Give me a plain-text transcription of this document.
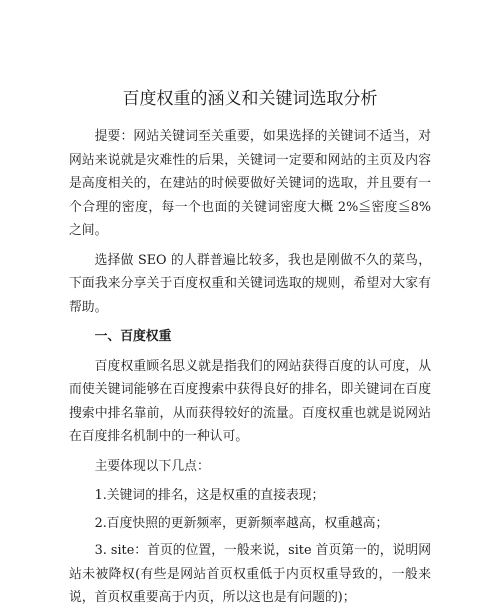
百度权重的涵义和关键词选取分析

提要：网站关键词至关重要，如果选择的关键词不适当，对网站来说就是灾难性的后果，关键词一定要和网站的主页及内容是高度相关的，在建站的时候要做好关键词的选取，并且要有一个合理的密度，每一个也面的关键词密度大概 2%≦密度≦8%之间。

选择做 SEO 的人群普遍比较多，我也是刚做不久的菜鸟，下面我来分享关于百度权重和关键词选取的规则，希望对大家有帮助。

一、百度权重

百度权重顾名思义就是指我们的网站获得百度的认可度，从而使关键词能够在百度搜索中获得良好的排名，即关键词在百度搜索中排名靠前，从而获得较好的流量。百度权重也就是说网站在百度排名机制中的一种认可。

主要体现以下几点：

1.关键词的排名，这是权重的直接表现；

2.百度快照的更新频率，更新频率越高，权重越高；

3. site：首页的位置，一般来说，site 首页第一的，说明网站未被降权(有些是网站首页权重低于内页权重导致的，一般来说，首页权重要高于内页，所以这也是有问题的)；
